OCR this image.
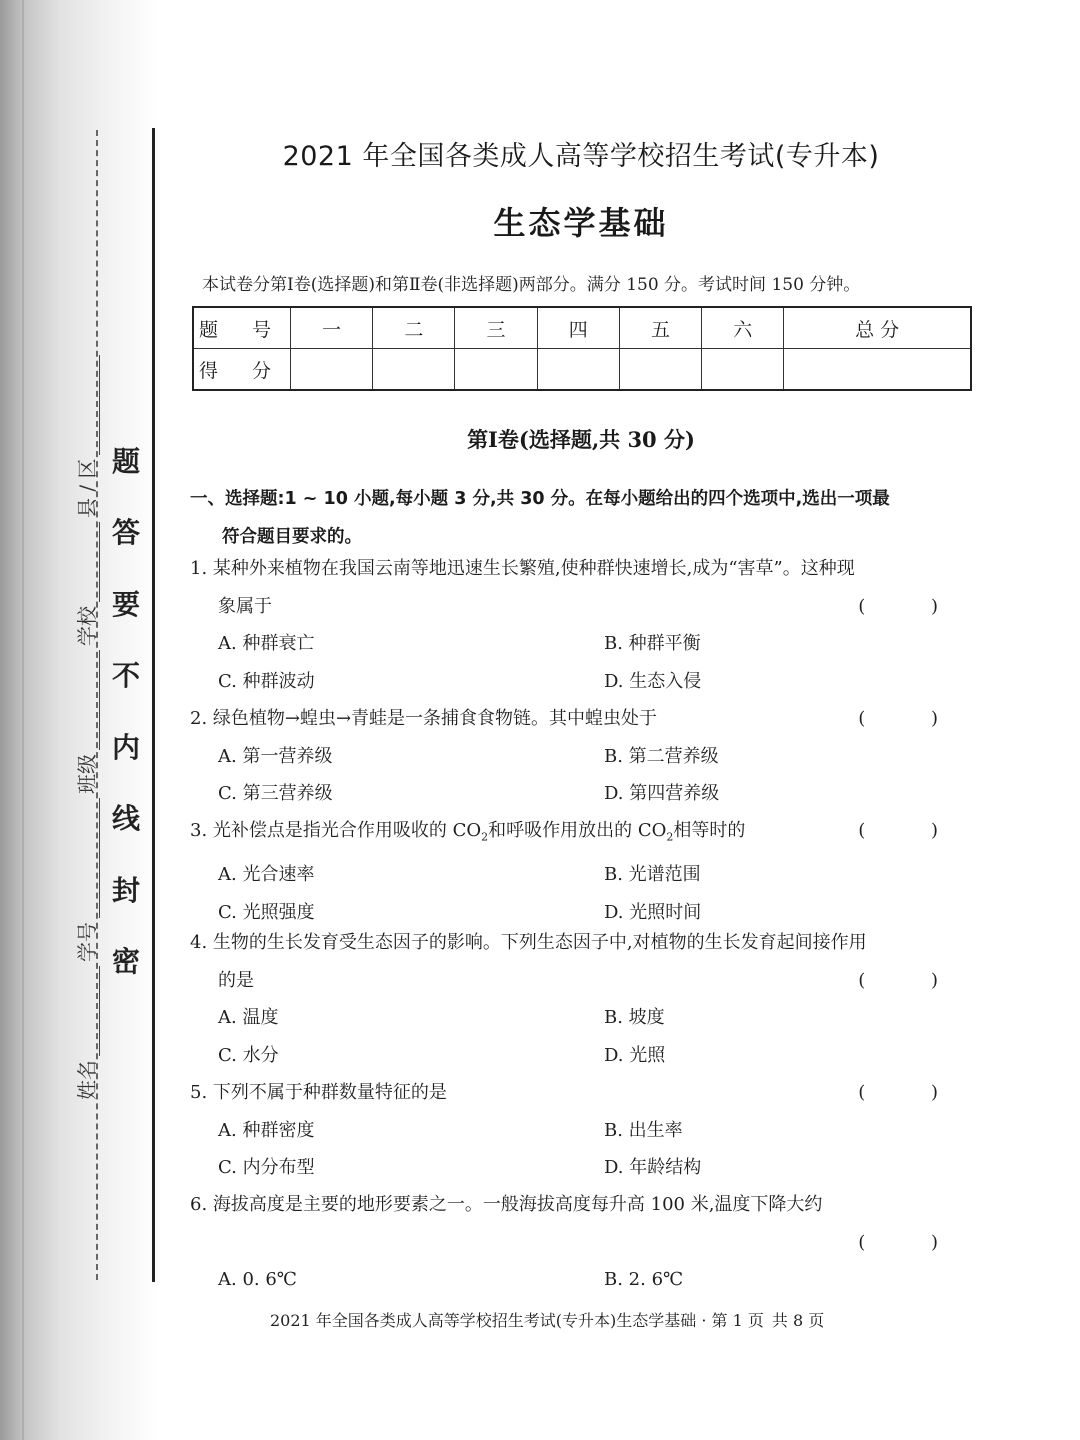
题
答
要
不
内
线
封
密
姓名
学号
班级
学校
县 / 区
2021 年全国各类成人高等学校招生考试(专升本)
生态学基础
本试卷分第Ⅰ卷(选择题)和第Ⅱ卷(非选择题)两部分。满分 150 分。考试时间 150 分钟。
题 号	一	二	三	四	五	六	总 分
得 分							
第Ⅰ卷(选择题,共 30 分)
一、选择题:1 ~ 10 小题,每小题 3 分,共 30 分。在每小题给出的四个选项中,选出一项最
符合题目要求的。
1. 某种外来植物在我国云南等地迅速生长繁殖,使种群快速增长,成为“害草”。这种现
象属于	( )
A. 种群衰亡	B. 种群平衡
C. 种群波动	D. 生态入侵
2. 绿色植物→蝗虫→青蛙是一条捕食食物链。其中蝗虫处于	( )
A. 第一营养级	B. 第二营养级
C. 第三营养级	D. 第四营养级
3. 光补偿点是指光合作用吸收的 $CO_2$和呼吸作用放出的 $CO_2$相等时的	( )
A. 光合速率	B. 光谱范围
C. 光照强度	D. 光照时间
4. 生物的生长发育受生态因子的影响。下列生态因子中,对植物的生长发育起间接作用
的是	( )
A. 温度	B. 坡度
C. 水分	D. 光照
5. 下列不属于种群数量特征的是	( )
A. 种群密度	B. 出生率
C. 内分布型	D. 年龄结构
6. 海拔高度是主要的地形要素之一。一般海拔高度每升高 100 米,温度下降大约

( )
A. 0. 6℃	B. 2. 6℃
2021 年全国各类成人高等学校招生考试(专升本)生态学基础 · 第 1 页 共 8 页
